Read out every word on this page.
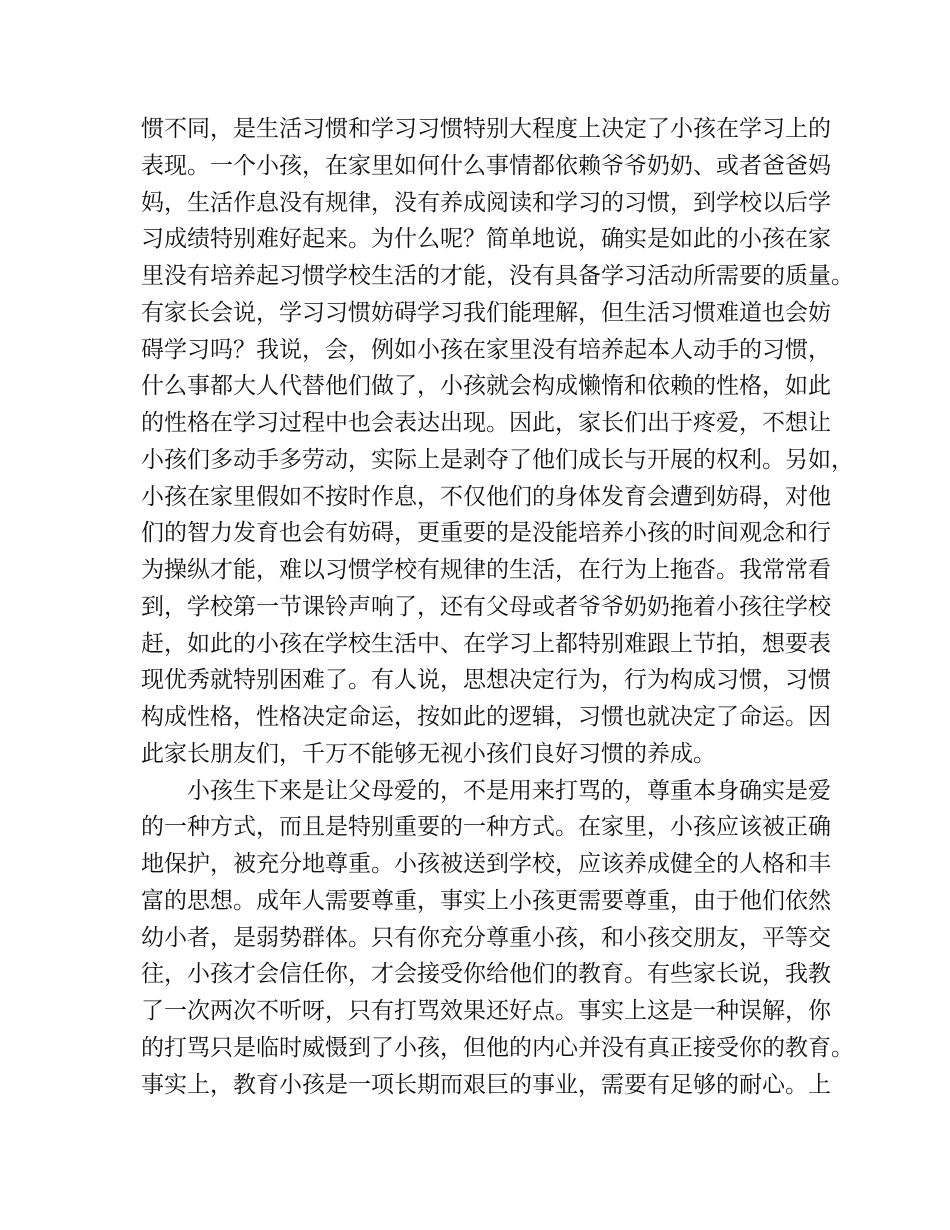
惯不同，是生活习惯和学习习惯特别大程度上决定了小孩在学习上的
表现。一个小孩，在家里如何什么事情都依赖爷爷奶奶、或者爸爸妈
妈，生活作息没有规律，没有养成阅读和学习的习惯，到学校以后学
习成绩特别难好起来。为什么呢？简单地说，确实是如此的小孩在家
里没有培养起习惯学校生活的才能，没有具备学习活动所需要的质量。
有家长会说，学习习惯妨碍学习我们能理解，但生活习惯难道也会妨
碍学习吗？我说，会，例如小孩在家里没有培养起本人动手的习惯，
什么事都大人代替他们做了，小孩就会构成懒惰和依赖的性格，如此
的性格在学习过程中也会表达出现。因此，家长们出于疼爱，不想让
小孩们多动手多劳动，实际上是剥夺了他们成长与开展的权利。另如，
小孩在家里假如不按时作息，不仅他们的身体发育会遭到妨碍，对他
们的智力发育也会有妨碍，更重要的是没能培养小孩的时间观念和行
为操纵才能，难以习惯学校有规律的生活，在行为上拖沓。我常常看
到，学校第一节课铃声响了，还有父母或者爷爷奶奶拖着小孩往学校
赶，如此的小孩在学校生活中、在学习上都特别难跟上节拍，想要表
现优秀就特别困难了。有人说，思想决定行为，行为构成习惯，习惯
构成性格，性格决定命运，按如此的逻辑，习惯也就决定了命运。因
此家长朋友们，千万不能够无视小孩们良好习惯的养成。
小孩生下来是让父母爱的，不是用来打骂的，尊重本身确实是爱
的一种方式，而且是特别重要的一种方式。在家里，小孩应该被正确
地保护，被充分地尊重。小孩被送到学校，应该养成健全的人格和丰
富的思想。成年人需要尊重，事实上小孩更需要尊重，由于他们依然
幼小者，是弱势群体。只有你充分尊重小孩，和小孩交朋友，平等交
往，小孩才会信任你，才会接受你给他们的教育。有些家长说，我教
了一次两次不听呀，只有打骂效果还好点。事实上这是一种误解，你
的打骂只是临时威慑到了小孩，但他的内心并没有真正接受你的教育。
事实上，教育小孩是一项长期而艰巨的事业，需要有足够的耐心。上
